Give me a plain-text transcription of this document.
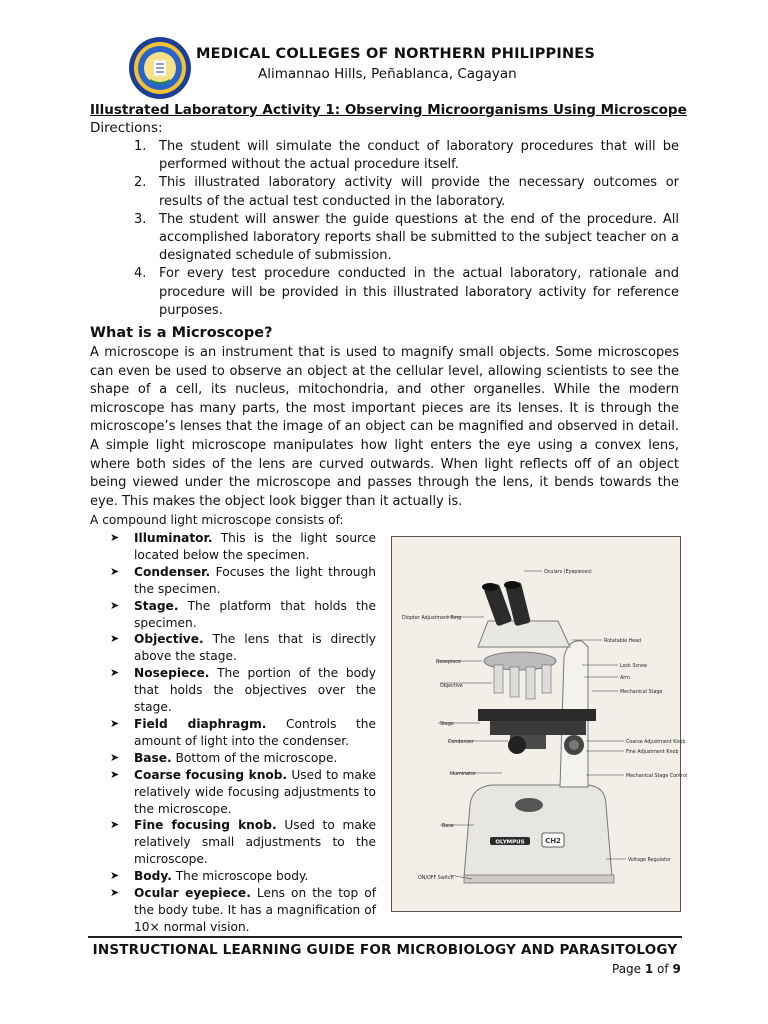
MEDICAL COLLEGES OF NORTHERN PHILIPPINES
Alimannao Hills, Peñablanca, Cagayan
Illustrated Laboratory Activity 1: Observing Microorganisms Using Microscope
Directions:
1. The student will simulate the conduct of laboratory procedures that will be performed without the actual procedure itself.
2. This illustrated laboratory activity will provide the necessary outcomes or results of the actual test conducted in the laboratory.
3. The student will answer the guide questions at the end of the procedure. All accomplished laboratory reports shall be submitted to the subject teacher on a designated schedule of submission.
4. For every test procedure conducted in the actual laboratory, rationale and procedure will be provided in this illustrated laboratory activity for reference purposes.
What is a Microscope?

A microscope is an instrument that is used to magnify small objects. Some microscopes can even be used to observe an object at the cellular level, allowing scientists to see the shape of a cell, its nucleus, mitochondria, and other organelles. While the modern microscope has many parts, the most important pieces are its lenses. It is through the microscope’s lenses that the image of an object can be magnified and observed in detail. A simple light microscope manipulates how light enters the eye using a convex lens, where both sides of the lens are curved outwards. When light reflects off of an object being viewed under the microscope and passes through the lens, it bends towards the eye. This makes the object look bigger than it actually is.

A compound light microscope consists of:
➤ Illuminator. This is the light source located below the specimen.
➤ Condenser. Focuses the light through the specimen.
➤ Stage. The platform that holds the specimen.
➤ Objective. The lens that is directly above the stage.
➤ Nosepiece. The portion of the body that holds the objectives over the stage.
➤ Field diaphragm. Controls the amount of light into the condenser.
➤ Base. Bottom of the microscope.
➤ Coarse focusing knob. Used to make relatively wide focusing adjustments to the microscope.
➤ Fine focusing knob. Used to make relatively small adjustments to the microscope.
➤ Body. The microscope body.
➤ Ocular eyepiece. Lens on the top of the body tube. It has a magnification of 10× normal vision.
OLYMPUS	CH2
Diopter Adjustment Ring
Nosepiece
Objective
Stage
Condenser
Illuminator
Base
ON/OFF Switch
Oculars (Eyepieces)
Rotatable Head
Lock Screw
Arm
Mechanical Stage
Coarse Adjustment Knob
Fine Adjustment Knob
Mechanical Stage Control
Voltage Regulator
INSTRUCTIONAL LEARNING GUIDE FOR MICROBIOLOGY AND PARASITOLOGY
Page 1 of 9
